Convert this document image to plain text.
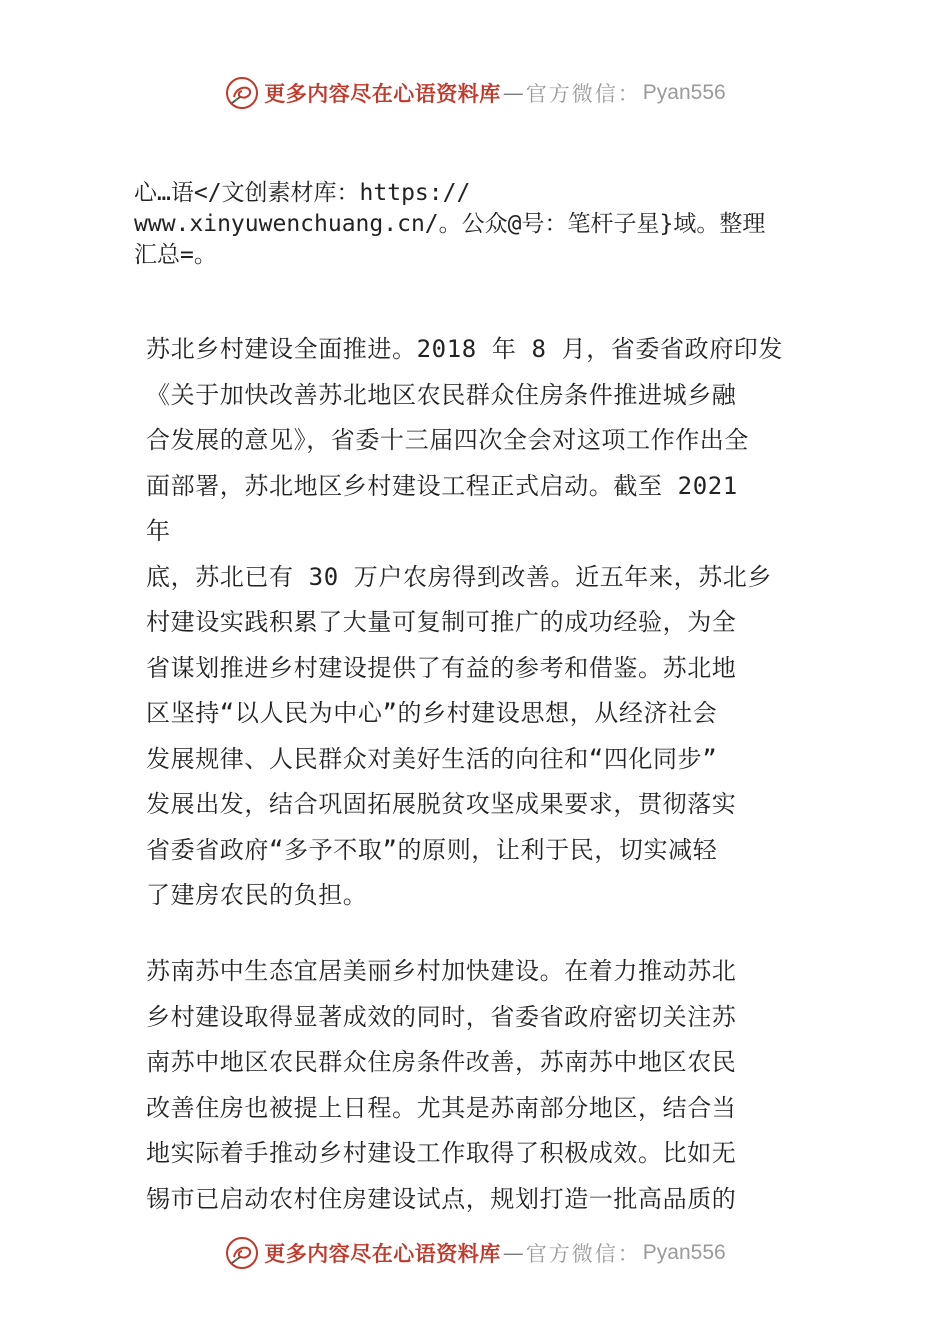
更多内容尽在心语资料库 — 官方微信： Pyan556

心…语</文创素材库：https://

www.xinyuwenchuang.cn/。公众@号：笔杆子星}域。整理

汇总=。

苏北乡村建设全面推进。2018 年 8 月，省委省政府印发

《关于加快改善苏北地区农民群众住房条件推进城乡融

合发展的意见》，省委十三届四次全会对这项工作作出全

面部署，苏北地区乡村建设工程正式启动。截至 2021

年

底，苏北已有 30 万户农房得到改善。近五年来，苏北乡

村建设实践积累了大量可复制可推广的成功经验，为全

省谋划推进乡村建设提供了有益的参考和借鉴。苏北地

区坚持“以人民为中心”的乡村建设思想，从经济社会

发展规律、人民群众对美好生活的向往和“四化同步”

发展出发，结合巩固拓展脱贫攻坚成果要求，贯彻落实

省委省政府“多予不取”的原则，让利于民，切实减轻

了建房农民的负担。

苏南苏中生态宜居美丽乡村加快建设。在着力推动苏北

乡村建设取得显著成效的同时，省委省政府密切关注苏

南苏中地区农民群众住房条件改善，苏南苏中地区农民

改善住房也被提上日程。尤其是苏南部分地区，结合当

地实际着手推动乡村建设工作取得了积极成效。比如无

锡市已启动农村住房建设试点，规划打造一批高品质的

更多内容尽在心语资料库 — 官方微信： Pyan556
